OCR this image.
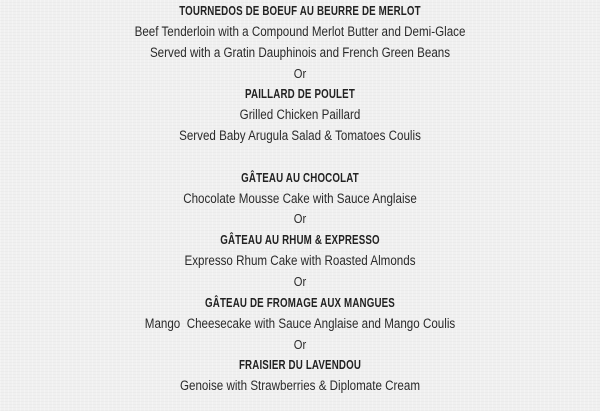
TOURNEDOS DE BOEUF AU BEURRE DE MERLOT
Beef Tenderloin with a Compound Merlot Butter and Demi-Glace
Served with a Gratin Dauphinois and French Green Beans
Or
PAILLARD DE POULET
Grilled Chicken Paillard
Served Baby Arugula Salad & Tomatoes Coulis
GÂTEAU AU CHOCOLAT
Chocolate Mousse Cake with Sauce Anglaise
Or
GÂTEAU AU RHUM & EXPRESSO
Expresso Rhum Cake with Roasted Almonds
Or
GÂTEAU DE FROMAGE AUX MANGUES
Mango  Cheesecake with Sauce Anglaise and Mango Coulis
Or
FRAISIER DU LAVENDOU
Genoise with Strawberries & Diplomate Cream
